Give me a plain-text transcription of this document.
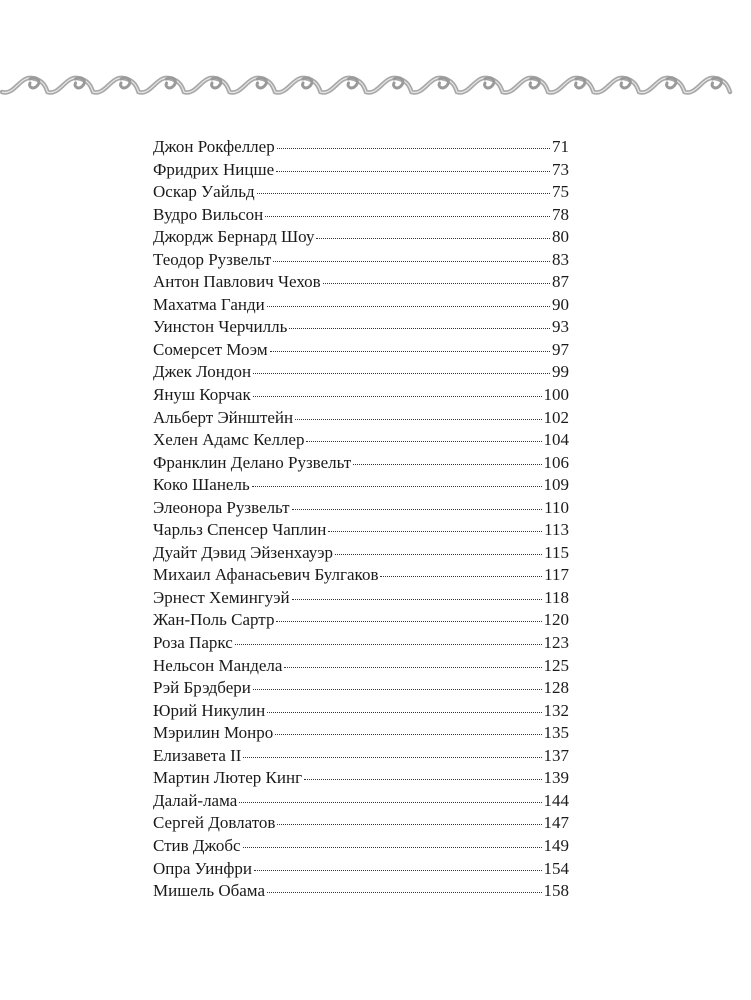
Джон Рокфеллер	71
Фридрих Ницше	73
Оскар Уайльд	75
Вудро Вильсон	78
Джордж Бернард Шоу	80
Теодор Рузвельт	83
Антон Павлович Чехов	87
Махатма Ганди	90
Уинстон Черчилль	93
Сомерсет Моэм	97
Джек Лондон	99
Януш Корчак	100
Альберт Эйнштейн	102
Хелен Адамс Келлер	104
Франклин Делано Рузвельт	106
Коко Шанель	109
Элеонора Рузвельт	110
Чарльз Спенсер Чаплин	113
Дуайт Дэвид Эйзенхауэр	115
Михаил Афанасьевич Булгаков	117
Эрнест Хемингуэй	118
Жан-Поль Сартр	120
Роза Паркс	123
Нельсон Мандела	125
Рэй Брэдбери	128
Юрий Никулин	132
Мэрилин Монро	135
Елизавета II	137
Мартин Лютер Кинг	139
Далай-лама	144
Сергей Довлатов	147
Стив Джобс	149
Опра Уинфри	154
Мишель Обама	158
